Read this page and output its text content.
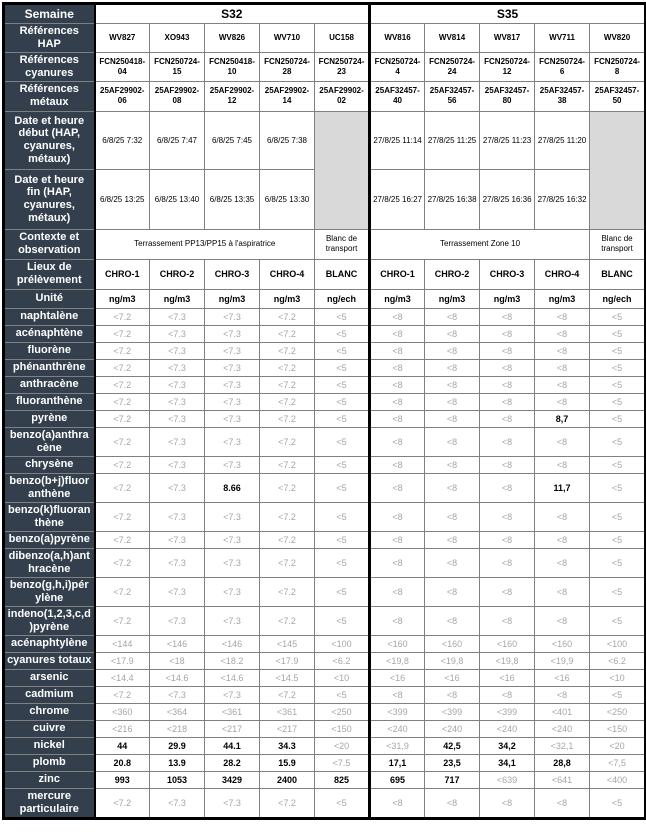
Semaine	S32					S35				
Références HAP	WV827	XO943	WV826	WV710	UC158	WV816	WV814	WV817	WV711	WV820
Références cyanures	FCN250418-04	FCN250724-15	FCN250418-10	FCN250724-28	FCN250724-23	FCN250724-4	FCN250724-24	FCN250724-12	FCN250724-6	FCN250724-8
Références métaux	25AF29902-06	25AF29902-08	25AF29902-12	25AF29902-14	25AF29902-02	25AF32457-40	25AF32457-56	25AF32457-80	25AF32457-38	25AF32457-50
Date et heure début (HAP, cyanures, métaux)	6/8/25 7:32	6/8/25 7:47	6/8/25 7:45	6/8/25 7:38		27/8/25 11:14	27/8/25 11:25	27/8/25 11:23	27/8/25 11:20	
Date et heure fin (HAP, cyanures, métaux)	6/8/25 13:25	6/8/25 13:40	6/8/25 13:35	6/8/25 13:30		27/8/25 16:27	27/8/25 16:38	27/8/25 16:36	27/8/25 16:32	
Contexte et observation	Terrassement PP13/PP15 à l'aspiratrice				Blanc de transport	Terrassement Zone 10				Blanc de transport
Lieux de prélèvement	CHRO-1	CHRO-2	CHRO-3	CHRO-4	BLANC	CHRO-1	CHRO-2	CHRO-3	CHRO-4	BLANC
Unité	ng/m3	ng/m3	ng/m3	ng/m3	ng/ech	ng/m3	ng/m3	ng/m3	ng/m3	ng/ech
naphtalène	<7.2	<7.3	<7.3	<7.2	<5	<8	<8	<8	<8	<5
acénaphtène	<7.2	<7.3	<7.3	<7.2	<5	<8	<8	<8	<8	<5
fluorène	<7.2	<7.3	<7.3	<7.2	<5	<8	<8	<8	<8	<5
phénanthrène	<7.2	<7.3	<7.3	<7.2	<5	<8	<8	<8	<8	<5
anthracène	<7.2	<7.3	<7.3	<7.2	<5	<8	<8	<8	<8	<5
fluoranthène	<7.2	<7.3	<7.3	<7.2	<5	<8	<8	<8	<8	<5
pyrène	<7.2	<7.3	<7.3	<7.2	<5	<8	<8	<8	8,7	<5
benzo(a)anthracène	<7.2	<7.3	<7.3	<7.2	<5	<8	<8	<8	<8	<5
chrysène	<7.2	<7.3	<7.3	<7.2	<5	<8	<8	<8	<8	<5
benzo(b+j)fluoranthène	<7.2	<7.3	8.66	<7.2	<5	<8	<8	<8	11,7	<5
benzo(k)fluoranthène	<7.2	<7.3	<7.3	<7.2	<5	<8	<8	<8	<8	<5
benzo(a)pyrène	<7.2	<7.3	<7.3	<7.2	<5	<8	<8	<8	<8	<5
dibenzo(a,h)anthracène	<7.2	<7.3	<7.3	<7.2	<5	<8	<8	<8	<8	<5
benzo(g,h,i)pérylène	<7.2	<7.3	<7.3	<7.2	<5	<8	<8	<8	<8	<5
indeno(1,2,3,c,d)pyrène	<7.2	<7.3	<7.3	<7.2	<5	<8	<8	<8	<8	<5
acénaphtylène	<144	<146	<146	<145	<100	<160	<160	<160	<160	<100
cyanures totaux	<17.9	<18	<18.2	<17.9	<6.2	<19,8	<19,8	<19,8	<19,9	<6.2
arsenic	<14.4	<14.6	<14.6	<14.5	<10	<16	<16	<16	<16	<10
cadmium	<7.2	<7.3	<7.3	<7.2	<5	<8	<8	<8	<8	<5
chrome	<360	<364	<361	<361	<250	<399	<399	<399	<401	<250
cuivre	<216	<218	<217	<217	<150	<240	<240	<240	<240	<150
nickel	44	29.9	44.1	34.3	<20	<31,9	42,5	34,2	<32,1	<20
plomb	20.8	13.9	28.2	15.9	<7.5	17,1	23,5	34,1	28,8	<7,5
zinc	993	1053	3429	2400	825	695	717	<639	<641	<400
mercure particulaire	<7.2	<7.3	<7.3	<7.2	<5	<8	<8	<8	<8	<5
